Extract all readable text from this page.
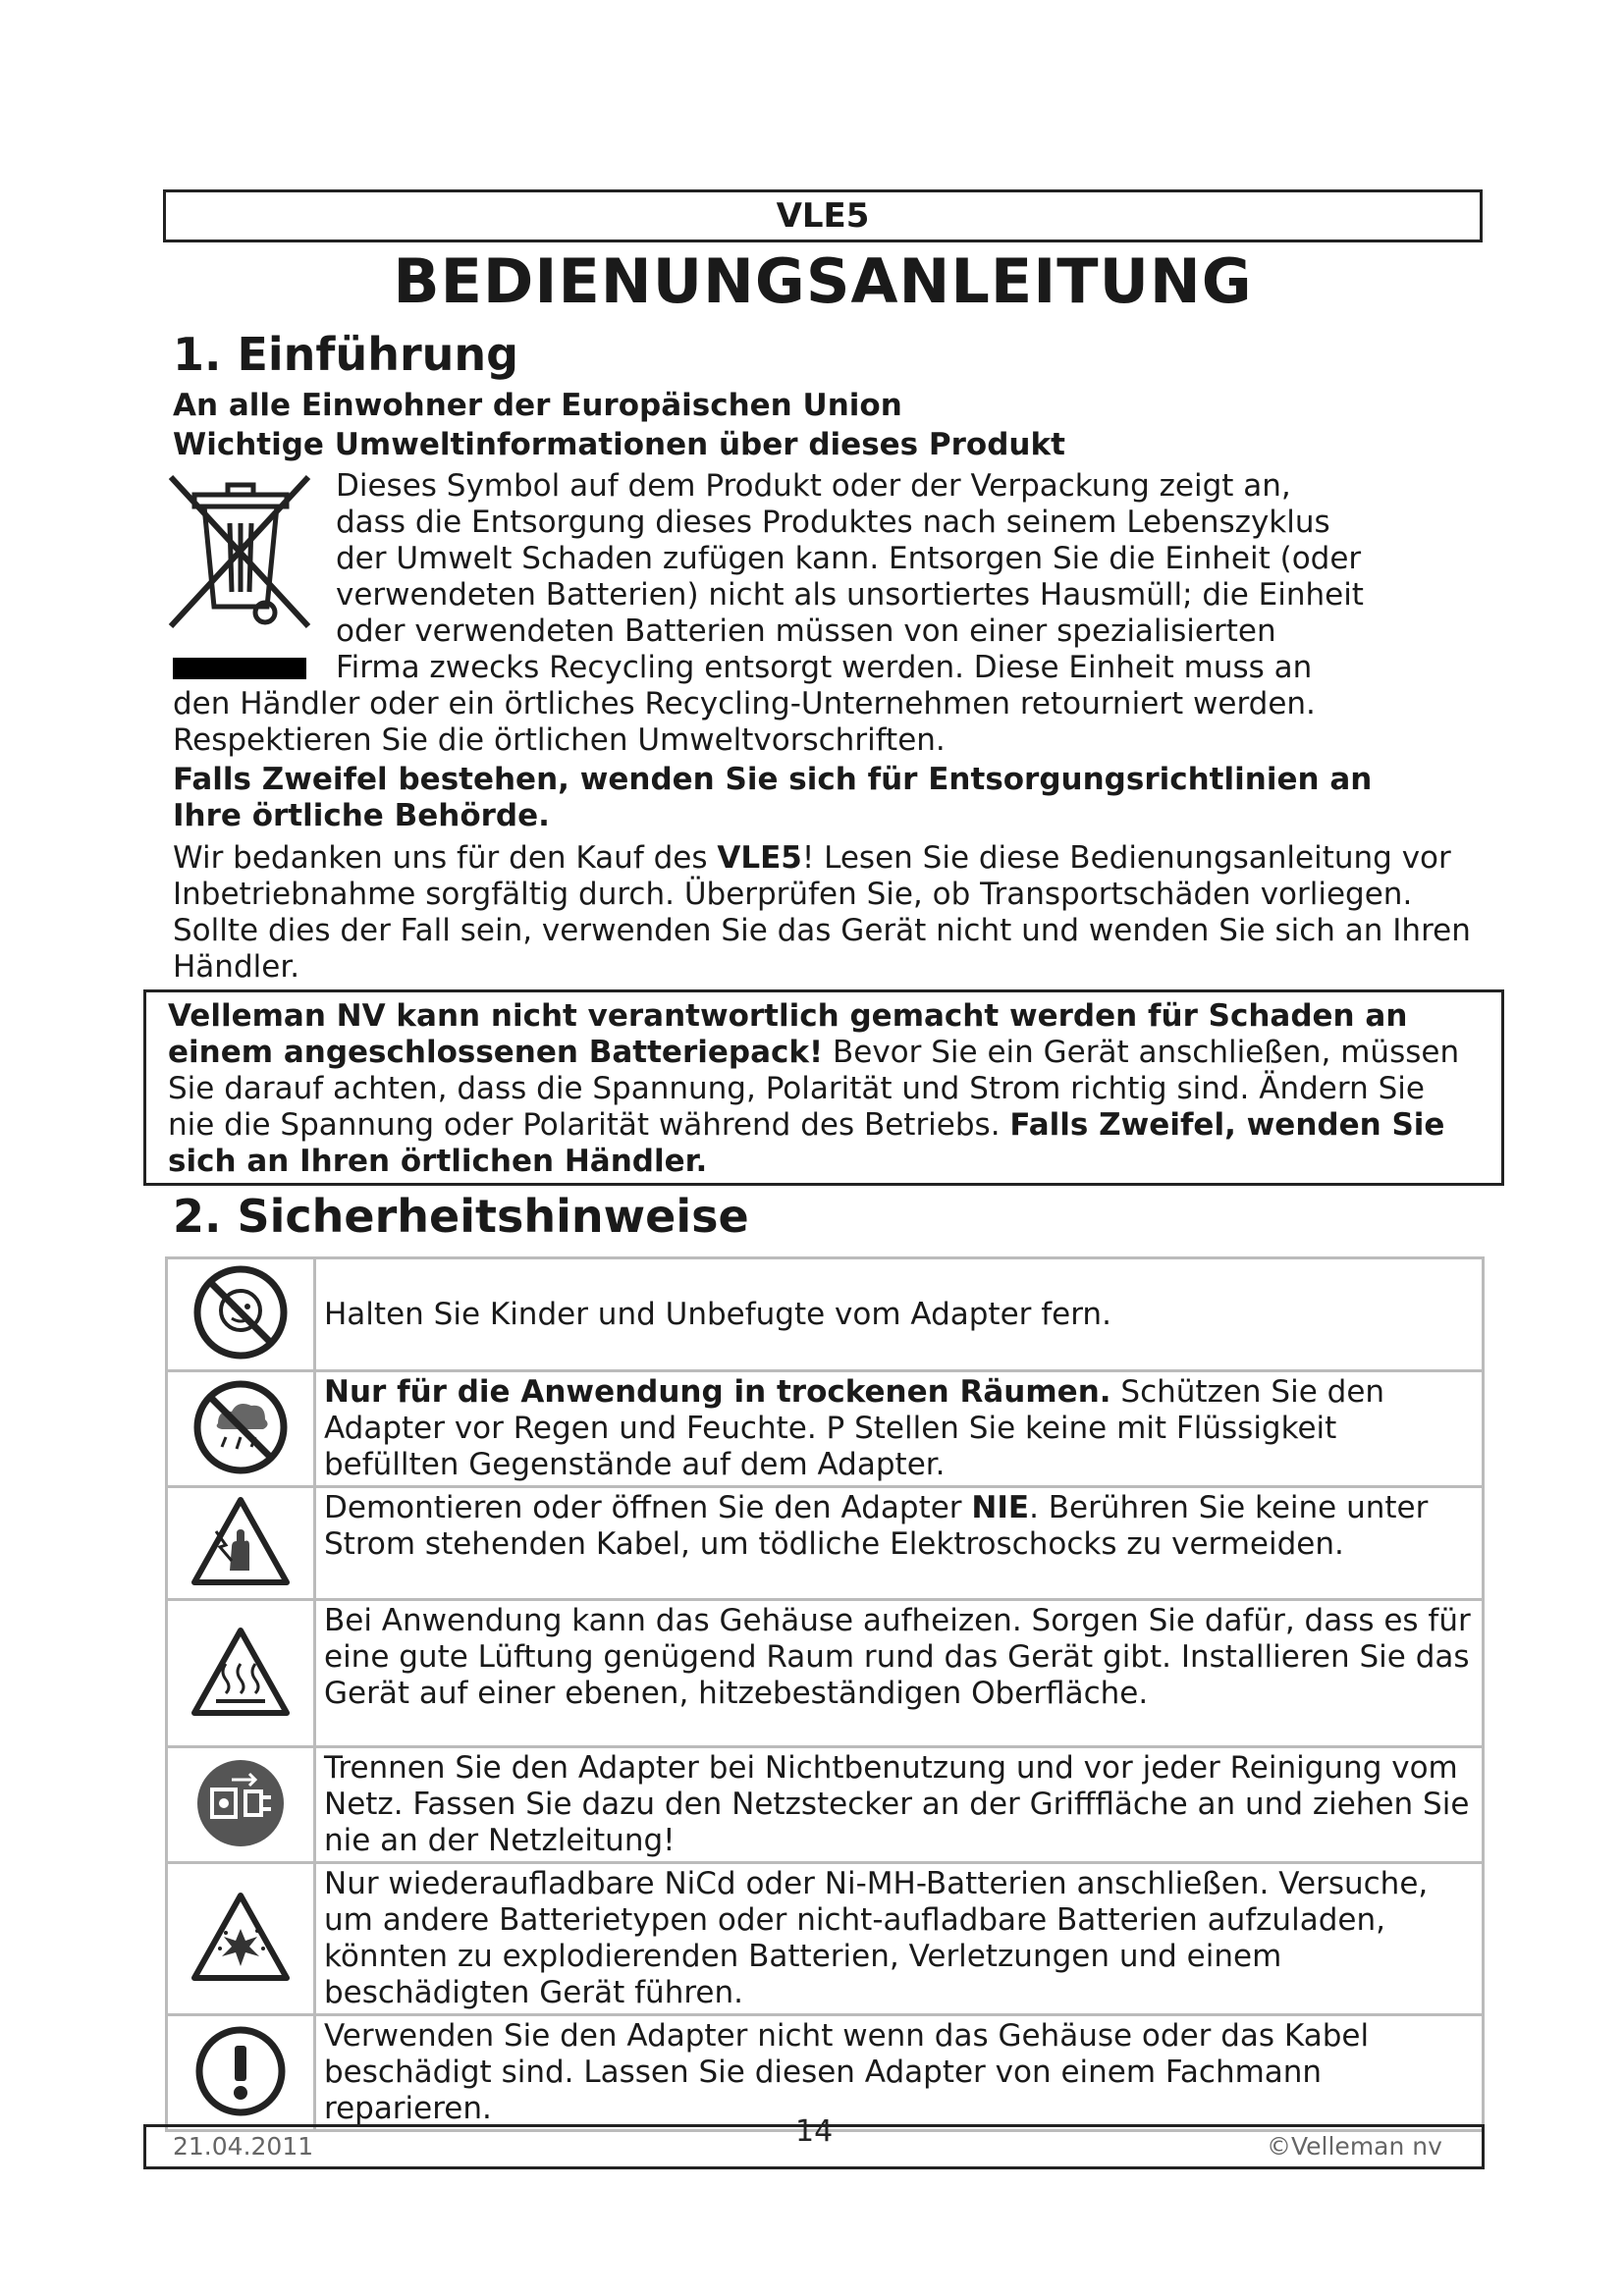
VLE5
BEDIENUNGSANLEITUNG
1. Einführung
An alle Einwohner der Europäischen Union
Wichtige Umweltinformationen über dieses Produkt
Dieses Symbol auf dem Produkt oder der Verpackung zeigt an,
dass die Entsorgung dieses Produktes nach seinem Lebenszyklus
der Umwelt Schaden zufügen kann. Entsorgen Sie die Einheit (oder
verwendeten Batterien) nicht als unsortiertes Hausmüll; die Einheit
oder verwendeten Batterien müssen von einer spezialisierten
Firma zwecks Recycling entsorgt werden. Diese Einheit muss an
den Händler oder ein örtliches Recycling-Unternehmen retourniert werden.
Respektieren Sie die örtlichen Umweltvorschriften.
Falls Zweifel bestehen, wenden Sie sich für Entsorgungsrichtlinien an Ihre örtliche Behörde.
Wir bedanken uns für den Kauf des VLE5! Lesen Sie diese Bedienungsanleitung vor Inbetriebnahme sorgfältig durch. Überprüfen Sie, ob Transportschäden vorliegen. Sollte dies der Fall sein, verwenden Sie das Gerät nicht und wenden Sie sich an Ihren Händler.
Velleman NV kann nicht verantwortlich gemacht werden für Schaden an einem angeschlossenen Batteriepack! Bevor Sie ein Gerät anschließen, müssen Sie darauf achten, dass die Spannung, Polarität und Strom richtig sind. Ändern Sie nie die Spannung oder Polarität während des Betriebs. Falls Zweifel, wenden Sie sich an Ihren örtlichen Händler.
2. Sicherheitshinweise
	Halten Sie Kinder und Unbefugte vom Adapter fern.
	Nur für die Anwendung in trockenen Räumen. Schützen Sie den Adapter vor Regen und Feuchte. P Stellen Sie keine mit Flüssigkeit befüllten Gegenstände auf dem Adapter.
	Demontieren oder öffnen Sie den Adapter NIE. Berühren Sie keine unter Strom stehenden Kabel, um tödliche Elektroschocks zu vermeiden.
	Bei Anwendung kann das Gehäuse aufheizen. Sorgen Sie dafür, dass es für eine gute Lüftung genügend Raum rund das Gerät gibt. Installieren Sie das Gerät auf einer ebenen, hitzebeständigen Oberfläche.
	Trennen Sie den Adapter bei Nichtbenutzung und vor jeder Reinigung vom Netz. Fassen Sie dazu den Netzstecker an der Grifffläche an und ziehen Sie nie an der Netzleitung!
	Nur wiederaufladbare NiCd oder Ni-MH-Batterien anschließen. Versuche, um andere Batterietypen oder nicht-aufladbare Batterien aufzuladen, könnten zu explodierenden Batterien, Verletzungen und einem beschädigten Gerät führen.
	Verwenden Sie den Adapter nicht wenn das Gehäuse oder das Kabel beschädigt sind. Lassen Sie diesen Adapter von einem Fachmann reparieren.
21.04.2011	14	©Velleman nv
